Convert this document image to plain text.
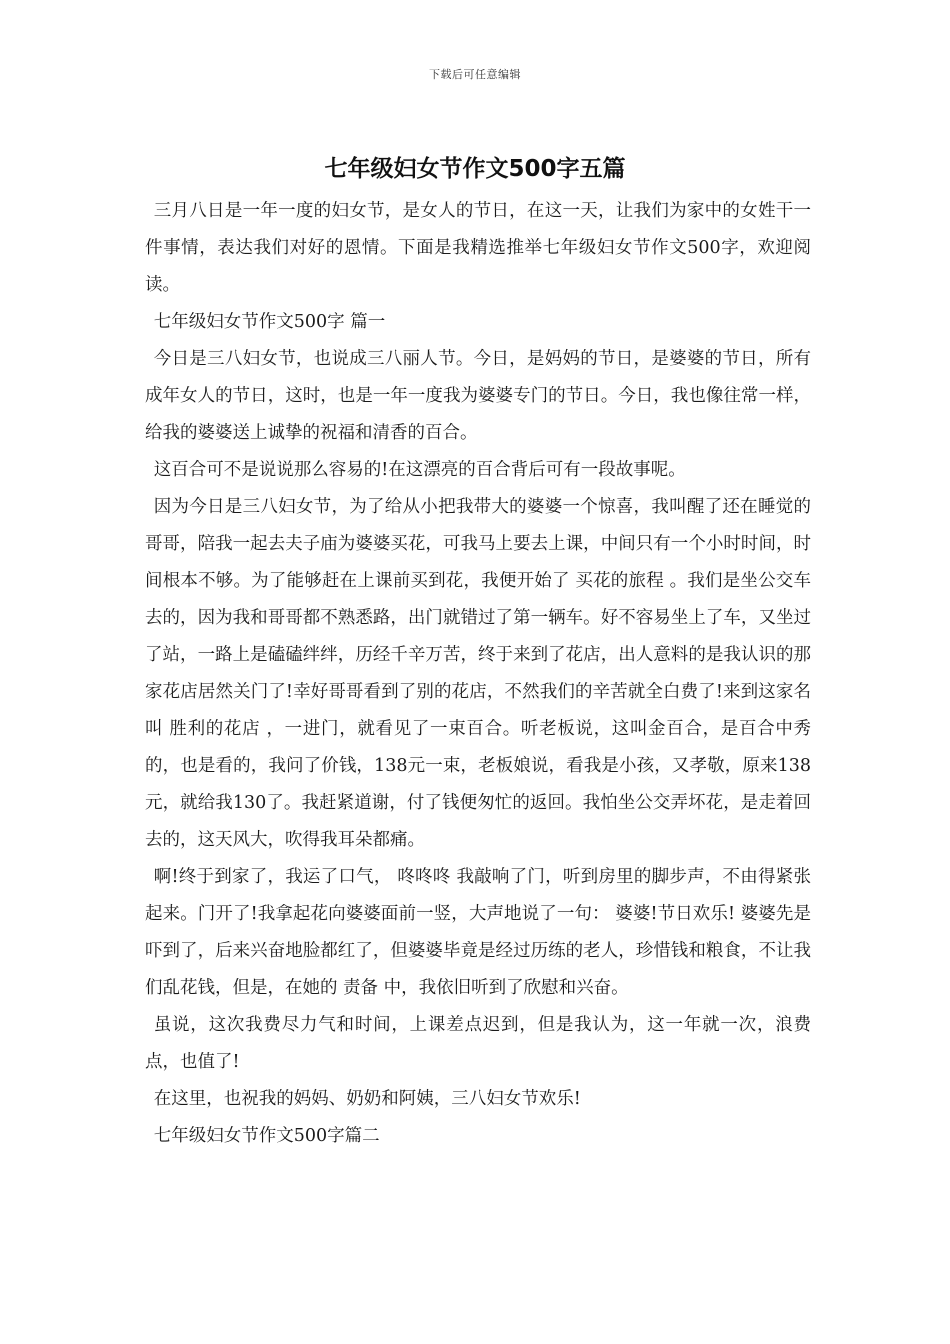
下载后可任意编辑
七年级妇女节作文500字五篇

三月八日是一年一度的妇女节，是女人的节日，在这一天，让我们为家中的女姓干一件事情，表达我们对好的恩情。下面是我精选推举七年级妇女节作文500字，欢迎阅读。

七年级妇女节作文500字 篇一

今日是三八妇女节，也说成三八丽人节。今日，是妈妈的节日，是婆婆的节日，所有成年女人的节日，这时，也是一年一度我为婆婆专门的节日。今日，我也像往常一样，给我的婆婆送上诚挚的祝福和清香的百合。

这百合可不是说说那么容易的!在这漂亮的百合背后可有一段故事呢。

因为今日是三八妇女节，为了给从小把我带大的婆婆一个惊喜，我叫醒了还在睡觉的哥哥，陪我一起去夫子庙为婆婆买花，可我马上要去上课，中间只有一个小时时间，时间根本不够。为了能够赶在上课前买到花，我便开始了 买花的旅程 。我们是坐公交车去的，因为我和哥哥都不熟悉路，出门就错过了第一辆车。好不容易坐上了车，又坐过了站，一路上是磕磕绊绊，历经千辛万苦，终于来到了花店，出人意料的是我认识的那家花店居然关门了!幸好哥哥看到了别的花店，不然我们的辛苦就全白费了!来到这家名叫 胜利的花店 ，一进门，就看见了一束百合。听老板说，这叫金百合，是百合中秀的，也是看的，我问了价钱，138元一束，老板娘说，看我是小孩，又孝敬，原来138元，就给我130了。我赶紧道谢，付了钱便匆忙的返回。我怕坐公交弄坏花，是走着回去的，这天风大，吹得我耳朵都痛。

啊!终于到家了，我运了口气， 咚咚咚 我敲响了门，听到房里的脚步声，不由得紧张起来。门开了!我拿起花向婆婆面前一竖，大声地说了一句： 婆婆!节日欢乐! 婆婆先是吓到了，后来兴奋地脸都红了，但婆婆毕竟是经过历练的老人，珍惜钱和粮食，不让我们乱花钱，但是，在她的 责备 中，我依旧听到了欣慰和兴奋。

虽说，这次我费尽力气和时间，上课差点迟到，但是我认为，这一年就一次，浪费点，也值了!

在这里，也祝我的妈妈、奶奶和阿姨，三八妇女节欢乐!

七年级妇女节作文500字篇二
